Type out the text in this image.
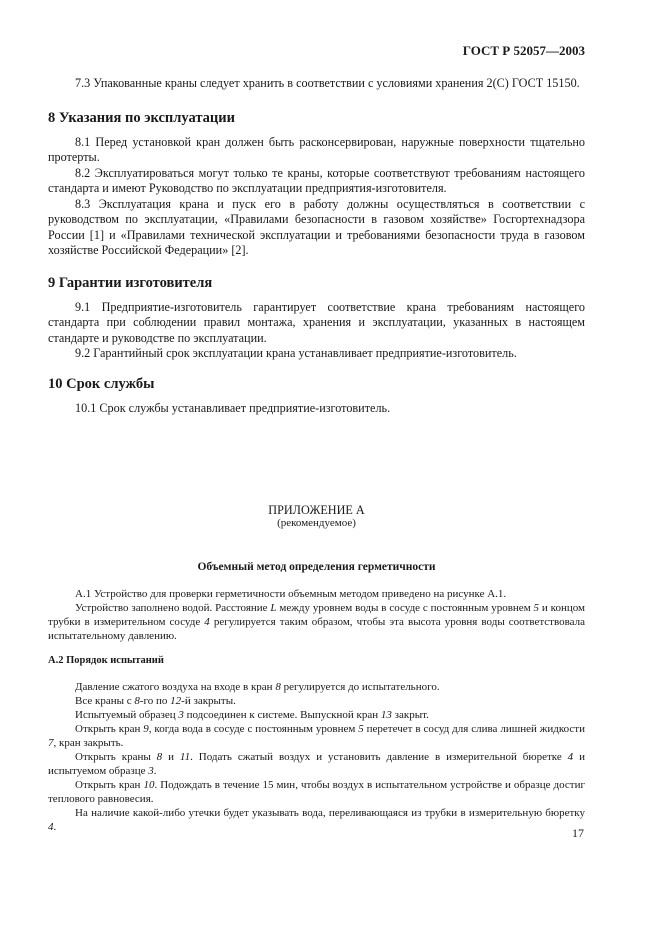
ГОСТ Р 52057—2003

7.3 Упакованные краны следует хранить в соответствии с условиями хранения 2(С) ГОСТ 15150.

8 Указания по эксплуатации

8.1 Перед установкой кран должен быть расконсервирован, наружные поверхности тщательно протерты.

8.2 Эксплуатироваться могут только те краны, которые соответствуют требованиям настоящего стандарта и имеют Руководство по эксплуатации предприятия-изготовителя.

8.3 Эксплуатация крана и пуск его в работу должны осуществляться в соответствии с руководством по эксплуатации, «Правилами безопасности в газовом хозяйстве» Госгортехнадзора России [1] и «Правилами технической эксплуатации и требованиями безопасности труда в газовом хозяйстве Российской Федерации» [2].

9 Гарантии изготовителя

9.1 Предприятие-изготовитель гарантирует соответствие крана требованиям настоящего стандарта при соблюдении правил монтажа, хранения и эксплуатации, указанных в настоящем стандарте и руководстве по эксплуатации.

9.2 Гарантийный срок эксплуатации крана устанавливает предприятие-изготовитель.

10 Срок службы

10.1 Срок службы устанавливает предприятие-изготовитель.

ПРИЛОЖЕНИЕ А

(рекомендуемое)

Объемный метод определения герметичности

А.1 Устройство для проверки герметичности объемным методом приведено на рисунке А.1.

Устройство заполнено водой. Расстояние L между уровнем воды в сосуде с постоянным уровнем 5 и концом трубки в измерительном сосуде 4 регулируется таким образом, чтобы эта высота уровня воды соответствовала испытательному давлению.

А.2 Порядок испытаний

Давление сжатого воздуха на входе в кран 8 регулируется до испытательного.

Все краны с 8-го по 12-й закрыты.

Испытуемый образец 3 подсоединен к системе. Выпускной кран 13 закрыт.

Открыть кран 9, когда вода в сосуде с постоянным уровнем 5 перетечет в сосуд для слива лишней жидкости 7, кран закрыть.

Открыть краны 8 и 11. Подать сжатый воздух и установить давление в измерительной бюретке 4 и испытуемом образце 3.

Открыть кран 10. Подождать в течение 15 мин, чтобы воздух в испытательном устройстве и образце достиг теплового равновесия.

На наличие какой-либо утечки будет указывать вода, переливающаяся из трубки в измерительную бюретку 4.	17
